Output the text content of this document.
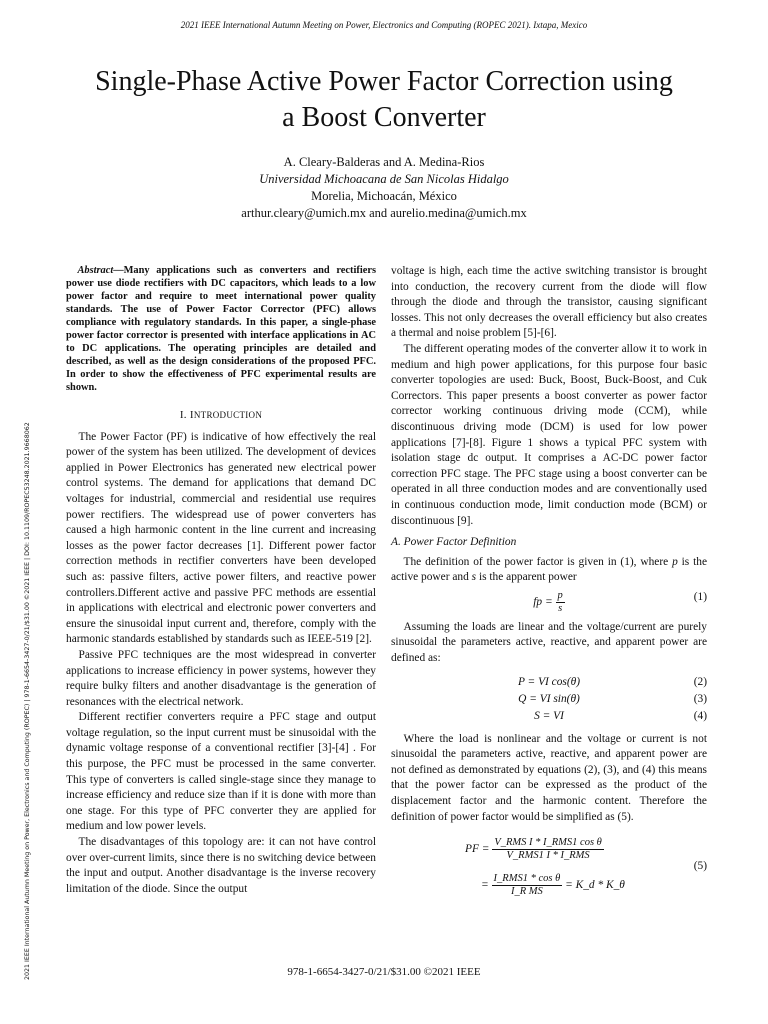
2021 IEEE International Autumn Meeting on Power, Electronics and Computing (ROPEC 2021). Ixtapa, Mexico
Single-Phase Active Power Factor Correction using
a Boost Converter
A. Cleary-Balderas and A. Medina-Rios
Universidad Michoacana de San Nicolas Hidalgo
Morelia, Michoacán, México
arthur.cleary@umich.mx and aurelio.medina@umich.mx
2021 IEEE International Autumn Meeting on Power, Electronics and Computing (ROPEC) | 978-1-6654-3427-0/21/$31.00 ©2021 IEEE | DOI: 10.1109/ROPEC53248.2021.9668062
Abstract—Many applications such as converters and rectifiers power use diode rectifiers with DC capacitors, which leads to a low power factor and require to meet international power quality standards. The use of Power Factor Corrector (PFC) allows compliance with regulatory standards. In this paper, a single-phase power factor corrector is presented with interface applications in AC to DC applications. The operating principles are detailed and described, as well as the design considerations of the proposed PFC. In order to show the effectiveness of PFC experimental results are shown.
I. INTRODUCTION

The Power Factor (PF) is indicative of how effectively the real power of the system has been utilized. The development of devices applied in Power Electronics has generated new electrical power control systems. The demand for applications that demand DC voltages for industrial, commercial and residential use requires power rectifiers. The widespread use of power converters has caused a high harmonic content in the line current and increasing losses as the power factor decreases [1]. Different power factor correction methods in rectifier converters have been developed such as: passive filters, active power filters, and reactive power controllers.Different active and passive PFC methods are essential in applications with electrical and electronic power converters and ensure the sinusoidal input current and, therefore, comply with the harmonic standards established by standards such as IEEE-519 [2].

Passive PFC techniques are the most widespread in converter applications to increase efficiency in power systems, however they require bulky filters and another disadvantage is the generation of resonances with the electrical network.

Different rectifier converters require a PFC stage and output voltage regulation, so the input current must be sinusoidal with the dynamic voltage response of a conventional rectifier [3]-[4] . For this purpose, the PFC must be processed in the same converter. This type of converters is called single-stage since they manage to increase efficiency and reduce size than if it is done with more than one stage. For this type of PFC converter they are applied for medium and low power levels.

The disadvantages of this topology are: it can not have control over over-current limits, since there is no switching device between the input and output. Another disadvantage is the inverse recovery limitation of the diode. Since the output

voltage is high, each time the active switching transistor is brought into conduction, the recovery current from the diode will flow through the diode and through the transistor, causing significant losses. This not only decreases the overall efficiency but also creates a thermal and noise problem [5]-[6].

The different operating modes of the converter allow it to work in medium and high power applications, for this purpose four basic converter topologies are used: Buck, Boost, Buck-Boost, and Cuk Correctors. This paper presents a boost converter as power factor corrector working continuous driving mode (CCM), while discontinuous driving mode (DCM) is used for low power applications [7]-[8]. Figure 1 shows a typical PFC system with isolation stage dc output. It comprises a AC-DC power factor correction PFC stage. The PFC stage using a boost converter can be operated in all three conduction modes and are conventionally used in continuous conduction mode, limit conduction mode (BCM) or discontinuous [9].

A. Power Factor Definition

The definition of the power factor is given in (1), where p is the active power and s is the apparent power

fp = $\frac{p}{s}$	(1)

Assuming the loads are linear and the voltage/current are purely sinusoidal the parameters active, reactive, and apparent power are defined as:

P = VI cos(θ)	(2)
Q = VI sin(θ)	(3)
S = VI	(4)

Where the load is nonlinear and the voltage or current is not sinusoidal the parameters active, reactive, and apparent power are not defined as demonstrated by equations (2), (3), and (4) this means that the power factor can be expressed as the product of the displacement factor and the harmonic content. Therefore the definition of power factor would be simplified as (5).

PF = $\frac{\text{V\_RMS I * I\_RMS1 cos θ}}{\text{V\_RMS1 I * I\_RMS}}$
= $\frac{\text{I\_RMS1 * cos θ}}{\text{I\_R MS}}$ = K_d * K_θ
(5)
978-1-6654-3427-0/21/$31.00 ©2021 IEEE
